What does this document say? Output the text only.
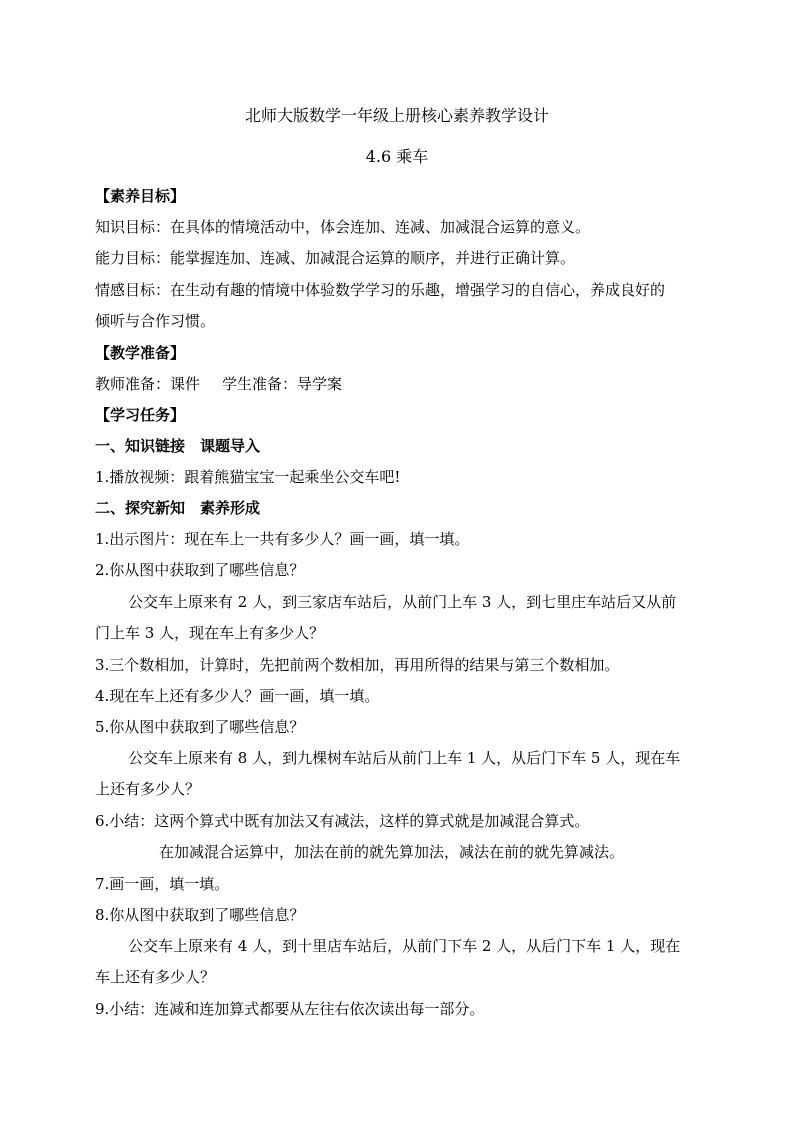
北师大版数学一年级上册核心素养教学设计
4.6 乘车
【素养目标】
知识目标：在具体的情境活动中，体会连加、连减、加减混合运算的意义。
能力目标：能掌握连加、连减、加减混合运算的顺序，并进行正确计算。
情感目标：在生动有趣的情境中体验数学学习的乐趣，增强学习的自信心，养成良好的
倾听与合作习惯。
【教学准备】
教师准备：课件 学生准备：导学案
【学习任务】
一、知识链接　课题导入
1.播放视频：跟着熊猫宝宝一起乘坐公交车吧!
二、探究新知　素养形成
1.出示图片：现在车上一共有多少人？画一画，填一填。
2.你从图中获取到了哪些信息？
公交车上原来有 2 人，到三家店车站后，从前门上车 3 人，到七里庄车站后又从前
门上车 3 人，现在车上有多少人？
3.三个数相加，计算时，先把前两个数相加，再用所得的结果与第三个数相加。
4.现在车上还有多少人？画一画，填一填。
5.你从图中获取到了哪些信息？
公交车上原来有 8 人，到九棵树车站后从前门上车 1 人，从后门下车 5 人，现在车
上还有多少人？
6.小结：这两个算式中既有加法又有减法，这样的算式就是加减混合算式。
在加减混合运算中，加法在前的就先算加法，减法在前的就先算减法。
7.画一画，填一填。
8.你从图中获取到了哪些信息？
公交车上原来有 4 人，到十里店车站后，从前门下车 2 人，从后门下车 1 人，现在
车上还有多少人？
9.小结：连减和连加算式都要从左往右依次读出每一部分。
